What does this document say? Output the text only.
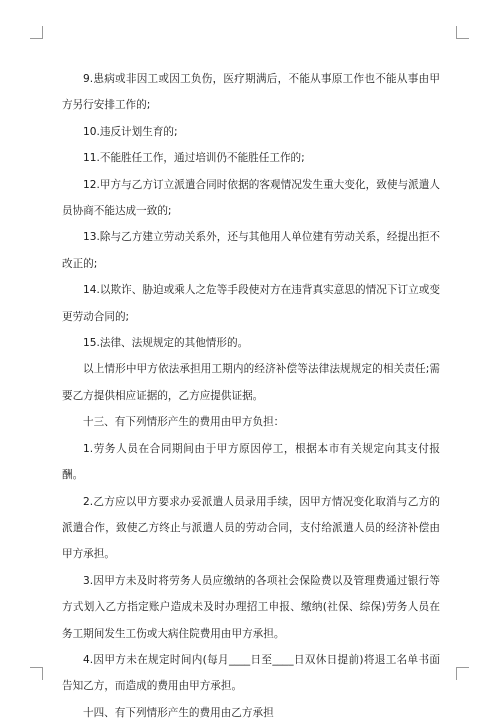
9.患病或非因工或因工负伤，医疗期满后，不能从事原工作也不能从事由甲方另行安排工作的;

10.违反计划生育的;

11.不能胜任工作，通过培训仍不能胜任工作的;

12.甲方与乙方订立派遣合同时依据的客观情况发生重大变化，致使与派遣人员协商不能达成一致的;

13.除与乙方建立劳动关系外，还与其他用人单位建有劳动关系，经提出拒不改正的;

14.以欺诈、胁迫或乘人之危等手段使对方在违背真实意思的情况下订立或变更劳动合同的;

15.法律、法规规定的其他情形的。

以上情形中甲方依法承担用工期内的经济补偿等法律法规规定的相关责任;需要乙方提供相应证据的，乙方应提供证据。

十三、有下列情形产生的费用由甲方负担：

1.劳务人员在合同期间由于甲方原因停工，根据本市有关规定向其支付报酬。

2.乙方应以甲方要求办妥派遣人员录用手续，因甲方情况变化取消与乙方的派遣合作，致使乙方终止与派遣人员的劳动合同，支付给派遣人员的经济补偿由甲方承担。

3.因甲方未及时将劳务人员应缴纳的各项社会保险费以及管理费通过银行等方式划入乙方指定账户造成未及时办理招工申报、缴纳(社保、综保)劳务人员在务工期间发生工伤或大病住院费用由甲方承担。

4.因甲方未在规定时间内(每月____日至____日双休日提前)将退工名单书面告知乙方，而造成的费用由甲方承担。

十四、有下列情形产生的费用由乙方承担
